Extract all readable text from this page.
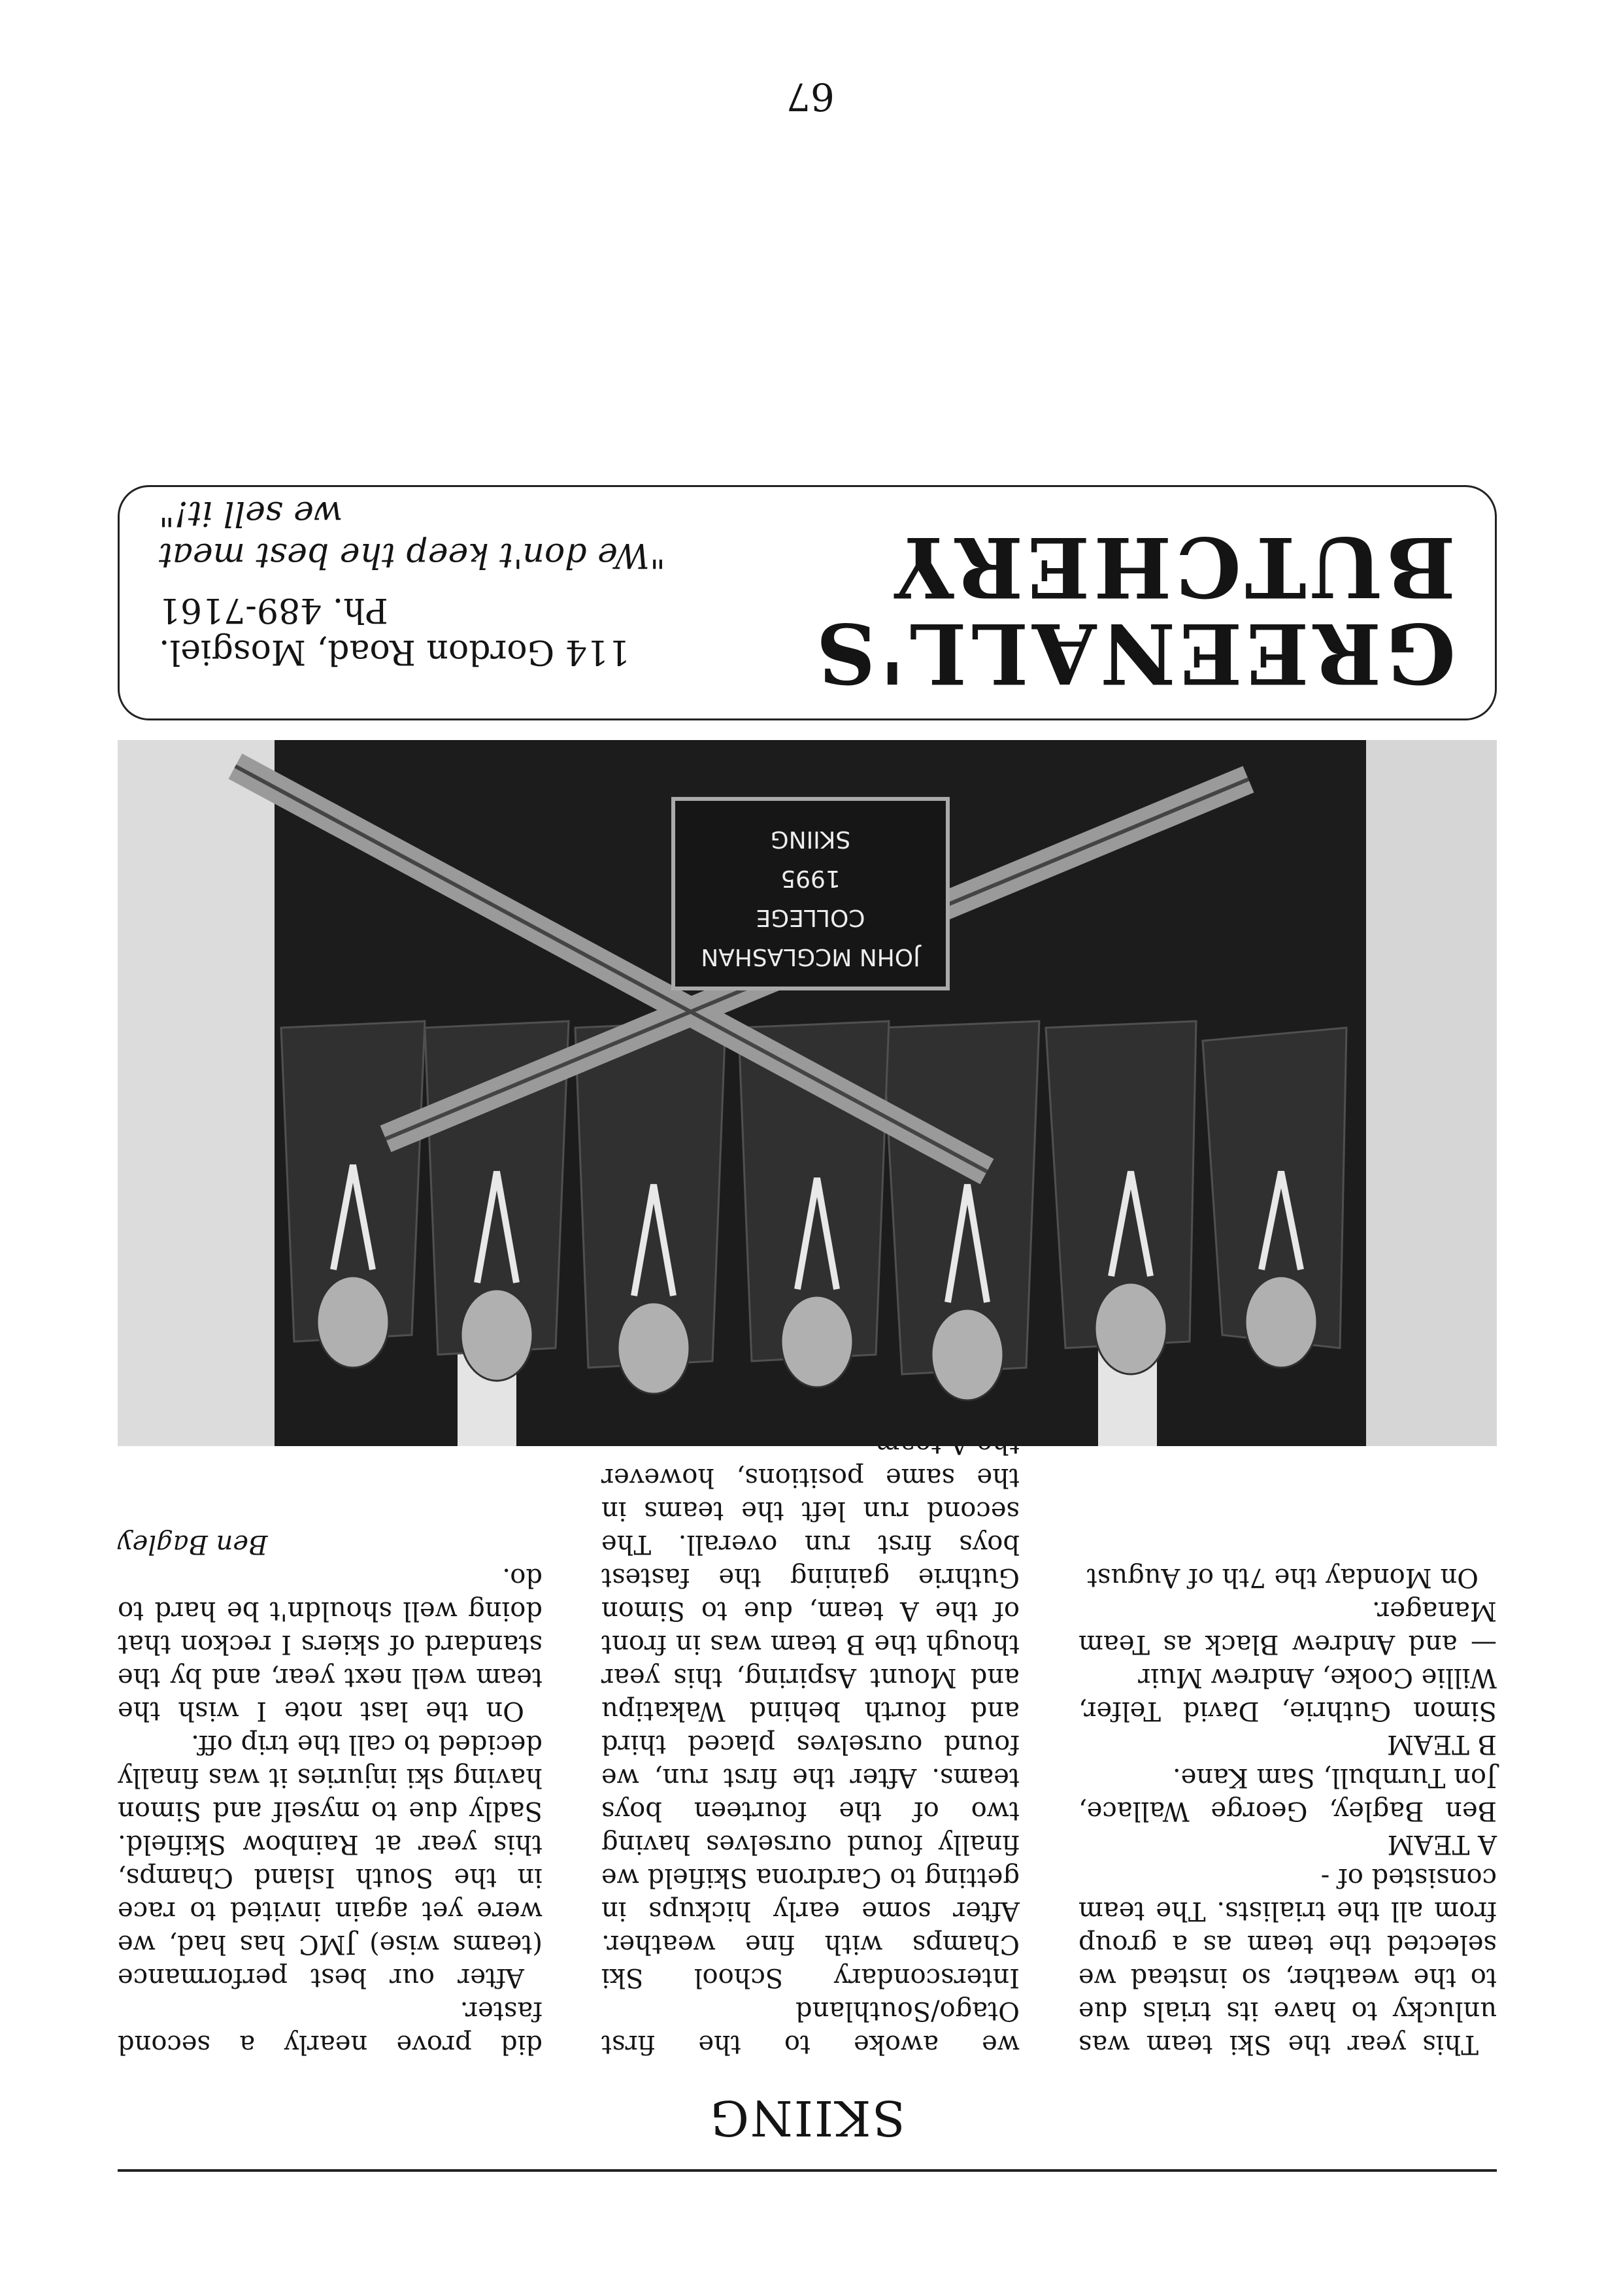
SKIING

This year the Ski team was unlucky to have its trials due to the weather, so instead we selected the team as a group from all the trialists. The team consisted of -

A TEAM

Ben Bagley, George Wallace, Jon Turnbull, Sam Kane.

B TEAM

Simon Guthrie, David Telfer, Willie Cooke, Andrew Muir

— and Andrew Black as Team Manager.

On Monday the 7th of August

we awoke to the first Otago/Southland Interscondary School Ski Champs with fine weather. After some early hickups in getting to Cardrona Skifield we finally found ourselves having two of the fourteen boys teams. After the first run, we found ourselves placed third and fourth behind Wakatipu and Mount Aspiring, this year though the B team was in front of the A team, due to Simon Guthrie gaining the fastest boys first run overall. The second run left the teams in the same positions, however

did prove nearly a second faster.

After our best performance (teams wise) JMC has had, we were yet again invited to race in the South Island Champs, this year at Rainbow Skifield. Sadly due to myself and Simon having ski injuries it was finally decided to call the trip off.

On the last note I wish the team well next year, and by the standard of skiers I reckon that doing well shouldn't be hard to do.

Ben Bagley

JOHN MCGLASHAN
COLLEGE
1995
SKIING
GREENALL'S
BUTCHERY
114 Gordon Road, Mosgiel.
Ph. 489-7161
"We don't keep the best meat
we sell it!"
67
